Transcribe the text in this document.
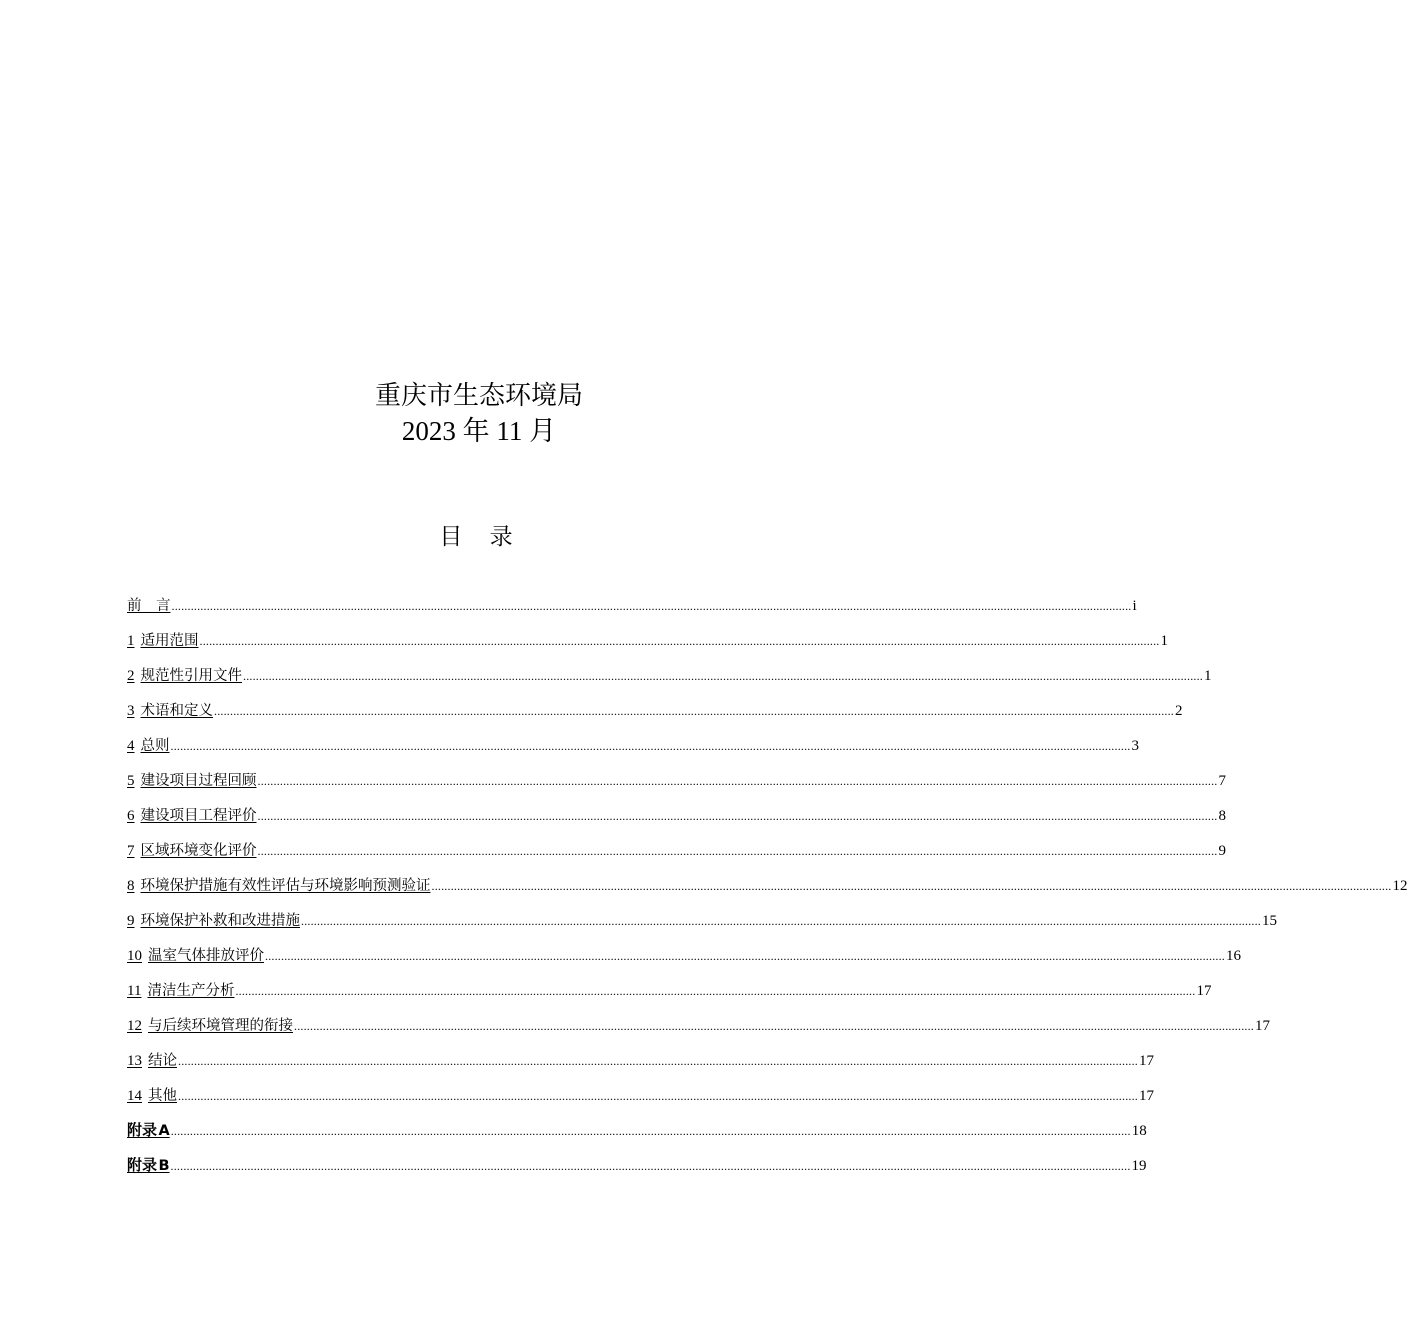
重庆市生态环境局
2023 年 11 月
目 录
前　言 ............................................................................................................................................................................................................................................................................................................ i
1 适用范围 ............................................................................................................................................................................................................................................................................................................ 1
2 规范性引用文件 ............................................................................................................................................................................................................................................................................................................ 1
3 术语和定义 ............................................................................................................................................................................................................................................................................................................ 2
4 总则 ............................................................................................................................................................................................................................................................................................................ 3
5 建设项目过程回顾 ............................................................................................................................................................................................................................................................................................................ 7
6 建设项目工程评价 ............................................................................................................................................................................................................................................................................................................ 8
7 区域环境变化评价 ............................................................................................................................................................................................................................................................................................................ 9
8 环境保护措施有效性评估与环境影响预测验证 ............................................................................................................................................................................................................................................................................................................ 12
9 环境保护补救和改进措施 ............................................................................................................................................................................................................................................................................................................ 15
10 温室气体排放评价 ............................................................................................................................................................................................................................................................................................................ 16
11 清洁生产分析 ............................................................................................................................................................................................................................................................................................................ 17
12 与后续环境管理的衔接 ............................................................................................................................................................................................................................................................................................................ 17
13 结论 ............................................................................................................................................................................................................................................................................................................ 17
14 其他 ............................................................................................................................................................................................................................................................................................................ 17
附录 A ............................................................................................................................................................................................................................................................................................................ 18
附录 B ............................................................................................................................................................................................................................................................................................................ 19
